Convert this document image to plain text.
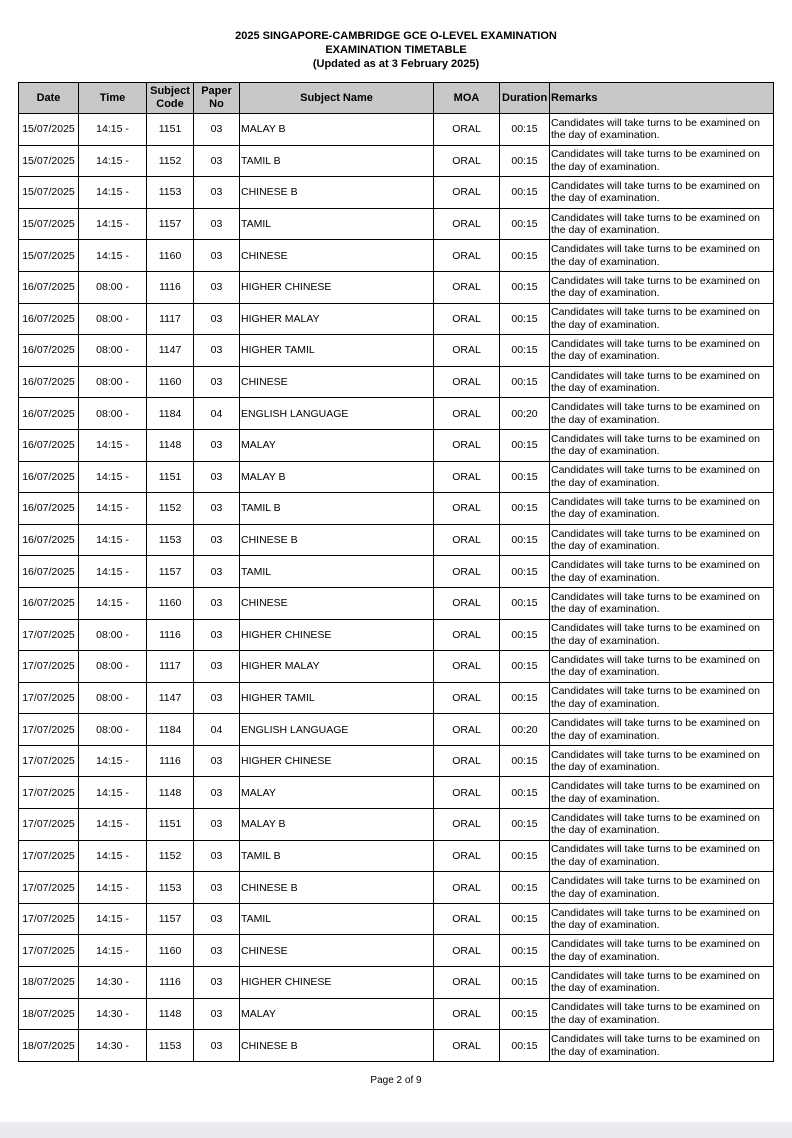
2025 SINGAPORE-CAMBRIDGE GCE O-LEVEL EXAMINATION
EXAMINATION TIMETABLE
(Updated as at 3 February 2025)
Date	Time	Subject Code	Paper No	Subject Name	MOA	Duration	Remarks
15/07/2025	14:15 -	1151	03	MALAY B	ORAL	00:15	Candidates will take turns to be examined on the day of examination.
15/07/2025	14:15 -	1152	03	TAMIL B	ORAL	00:15	Candidates will take turns to be examined on the day of examination.
15/07/2025	14:15 -	1153	03	CHINESE B	ORAL	00:15	Candidates will take turns to be examined on the day of examination.
15/07/2025	14:15 -	1157	03	TAMIL	ORAL	00:15	Candidates will take turns to be examined on the day of examination.
15/07/2025	14:15 -	1160	03	CHINESE	ORAL	00:15	Candidates will take turns to be examined on the day of examination.
16/07/2025	08:00 -	1116	03	HIGHER CHINESE	ORAL	00:15	Candidates will take turns to be examined on the day of examination.
16/07/2025	08:00 -	1117	03	HIGHER MALAY	ORAL	00:15	Candidates will take turns to be examined on the day of examination.
16/07/2025	08:00 -	1147	03	HIGHER TAMIL	ORAL	00:15	Candidates will take turns to be examined on the day of examination.
16/07/2025	08:00 -	1160	03	CHINESE	ORAL	00:15	Candidates will take turns to be examined on the day of examination.
16/07/2025	08:00 -	1184	04	ENGLISH LANGUAGE	ORAL	00:20	Candidates will take turns to be examined on the day of examination.
16/07/2025	14:15 -	1148	03	MALAY	ORAL	00:15	Candidates will take turns to be examined on the day of examination.
16/07/2025	14:15 -	1151	03	MALAY B	ORAL	00:15	Candidates will take turns to be examined on the day of examination.
16/07/2025	14:15 -	1152	03	TAMIL B	ORAL	00:15	Candidates will take turns to be examined on the day of examination.
16/07/2025	14:15 -	1153	03	CHINESE B	ORAL	00:15	Candidates will take turns to be examined on the day of examination.
16/07/2025	14:15 -	1157	03	TAMIL	ORAL	00:15	Candidates will take turns to be examined on the day of examination.
16/07/2025	14:15 -	1160	03	CHINESE	ORAL	00:15	Candidates will take turns to be examined on the day of examination.
17/07/2025	08:00 -	1116	03	HIGHER CHINESE	ORAL	00:15	Candidates will take turns to be examined on the day of examination.
17/07/2025	08:00 -	1117	03	HIGHER MALAY	ORAL	00:15	Candidates will take turns to be examined on the day of examination.
17/07/2025	08:00 -	1147	03	HIGHER TAMIL	ORAL	00:15	Candidates will take turns to be examined on the day of examination.
17/07/2025	08:00 -	1184	04	ENGLISH LANGUAGE	ORAL	00:20	Candidates will take turns to be examined on the day of examination.
17/07/2025	14:15 -	1116	03	HIGHER CHINESE	ORAL	00:15	Candidates will take turns to be examined on the day of examination.
17/07/2025	14:15 -	1148	03	MALAY	ORAL	00:15	Candidates will take turns to be examined on the day of examination.
17/07/2025	14:15 -	1151	03	MALAY B	ORAL	00:15	Candidates will take turns to be examined on the day of examination.
17/07/2025	14:15 -	1152	03	TAMIL B	ORAL	00:15	Candidates will take turns to be examined on the day of examination.
17/07/2025	14:15 -	1153	03	CHINESE B	ORAL	00:15	Candidates will take turns to be examined on the day of examination.
17/07/2025	14:15 -	1157	03	TAMIL	ORAL	00:15	Candidates will take turns to be examined on the day of examination.
17/07/2025	14:15 -	1160	03	CHINESE	ORAL	00:15	Candidates will take turns to be examined on the day of examination.
18/07/2025	14:30 -	1116	03	HIGHER CHINESE	ORAL	00:15	Candidates will take turns to be examined on the day of examination.
18/07/2025	14:30 -	1148	03	MALAY	ORAL	00:15	Candidates will take turns to be examined on the day of examination.
18/07/2025	14:30 -	1153	03	CHINESE B	ORAL	00:15	Candidates will take turns to be examined on the day of examination.
Page 2 of 9
